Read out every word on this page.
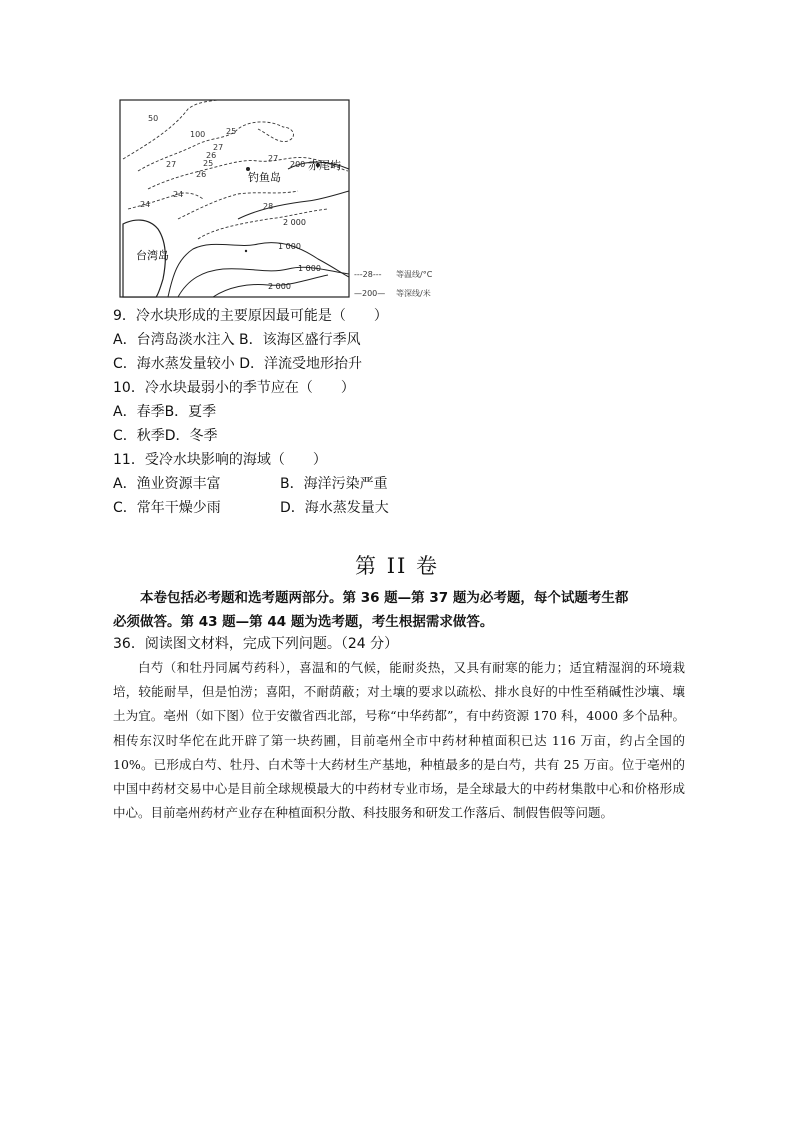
台湾岛
钓鱼岛
赤尾屿
50
100	25
27
26
25
27
24
26
24
27
28
200
2 000
1 000
1 000
2 000
---28--- 等温线/°C
—200— 等深线/米
9．冷水块形成的主要原因最可能是（　　）
A．台湾岛淡水注入 B．该海区盛行季风
C．海水蒸发量较小 D．洋流受地形抬升
10．冷水块最弱小的季节应在（　　）
A．春季B．夏季
C．秋季D．冬季
11．受冷水块影响的海域（　　）
A．渔业资源丰富	B．海洋污染严重
C．常年干燥少雨	D．海水蒸发量大
第 II 卷
本卷包括必考题和选考题两部分。第 36 题—第 37 题为必考题，每个试题考生都
必须做答。第 43 题—第 44 题为选考题，考生根据需求做答。
36．阅读图文材料，完成下列问题。（24 分）
白芍（和牡丹同属芍药科），喜温和的气候，能耐炎热，又具有耐寒的能力；适宜精湿润的环境栽培，较能耐旱，但是怕涝；喜阳，不耐荫蔽；对土壤的要求以疏松、排水良好的中性至稍碱性沙壤、壤土为宜。亳州（如下图）位于安徽省西北部，号称“中华药都”，有中药资源 170 科，4000 多个品种。相传东汉时华佗在此开辟了第一块药圃，目前亳州全市中药材种植面积已达 116 万亩，约占全国的 10%。已形成白芍、牡丹、白术等十大药材生产基地，种植最多的是白芍，共有 25 万亩。位于亳州的中国中药材交易中心是目前全球规模最大的中药材专业市场，是全球最大的中药材集散中心和价格形成中心。目前亳州药材产业存在种植面积分散、科技服务和研发工作落后、制假售假等问题。
